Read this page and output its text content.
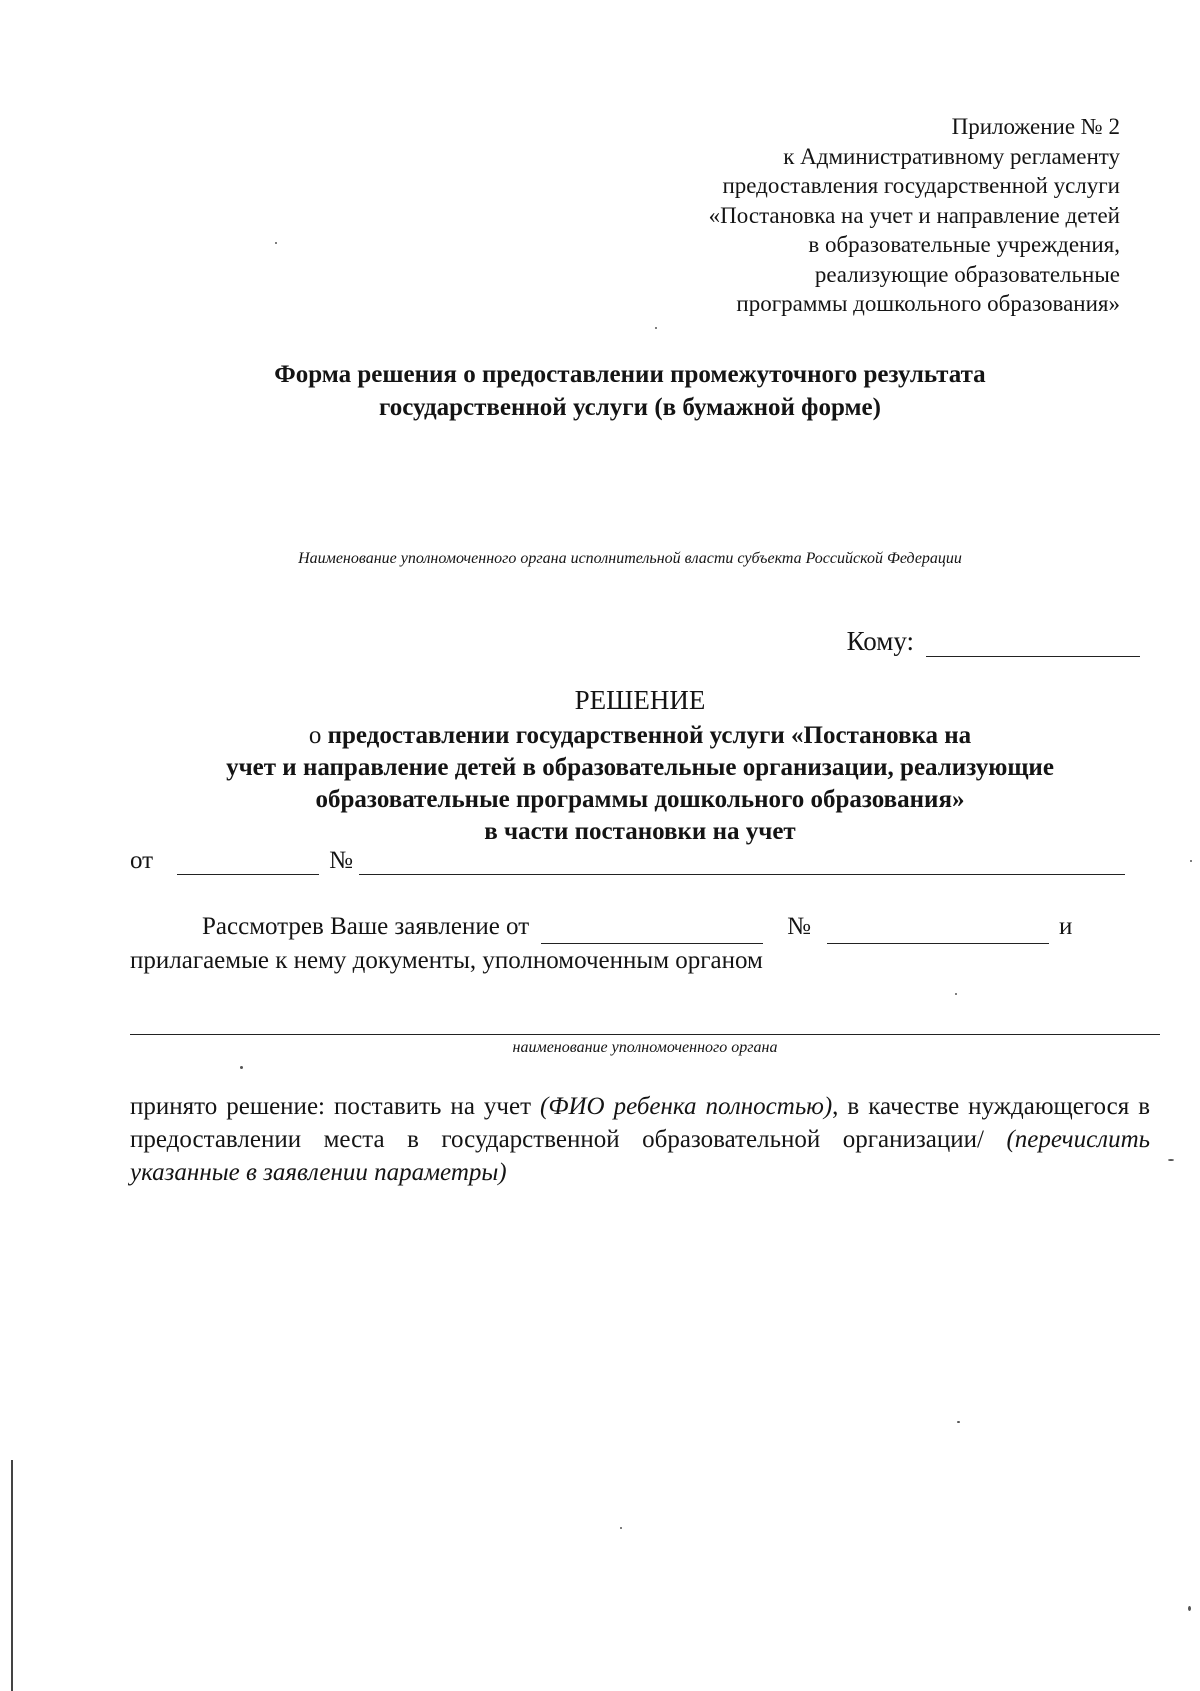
Приложение № 2
к Административному регламенту
предоставления государственной услуги
«Постановка на учет и направление детей
в образовательные учреждения,
реализующие образовательные
программы дошкольного образования»
Форма решения о предоставлении промежуточного результата
государственной услуги (в бумажной форме)
Наименование уполномоченного органа исполнительной власти субъекта Российской Федерации
Кому:
РЕШЕНИЕ
о предоставлении государственной услуги «Постановка на
учет и направление детей в образовательные организации, реализующие
образовательные программы дошкольного образования»
в части постановки на учет
от	№
Рассмотрев Ваше заявление от	№	и
прилагаемые к нему документы, уполномоченным органом
наименование уполномоченного органа
принято решение: поставить на учет (ФИО ребенка полностью), в качестве нуждающегося в предоставлении места в государственной образовательной организации/ (перечислить указанные в заявлении параметры)
